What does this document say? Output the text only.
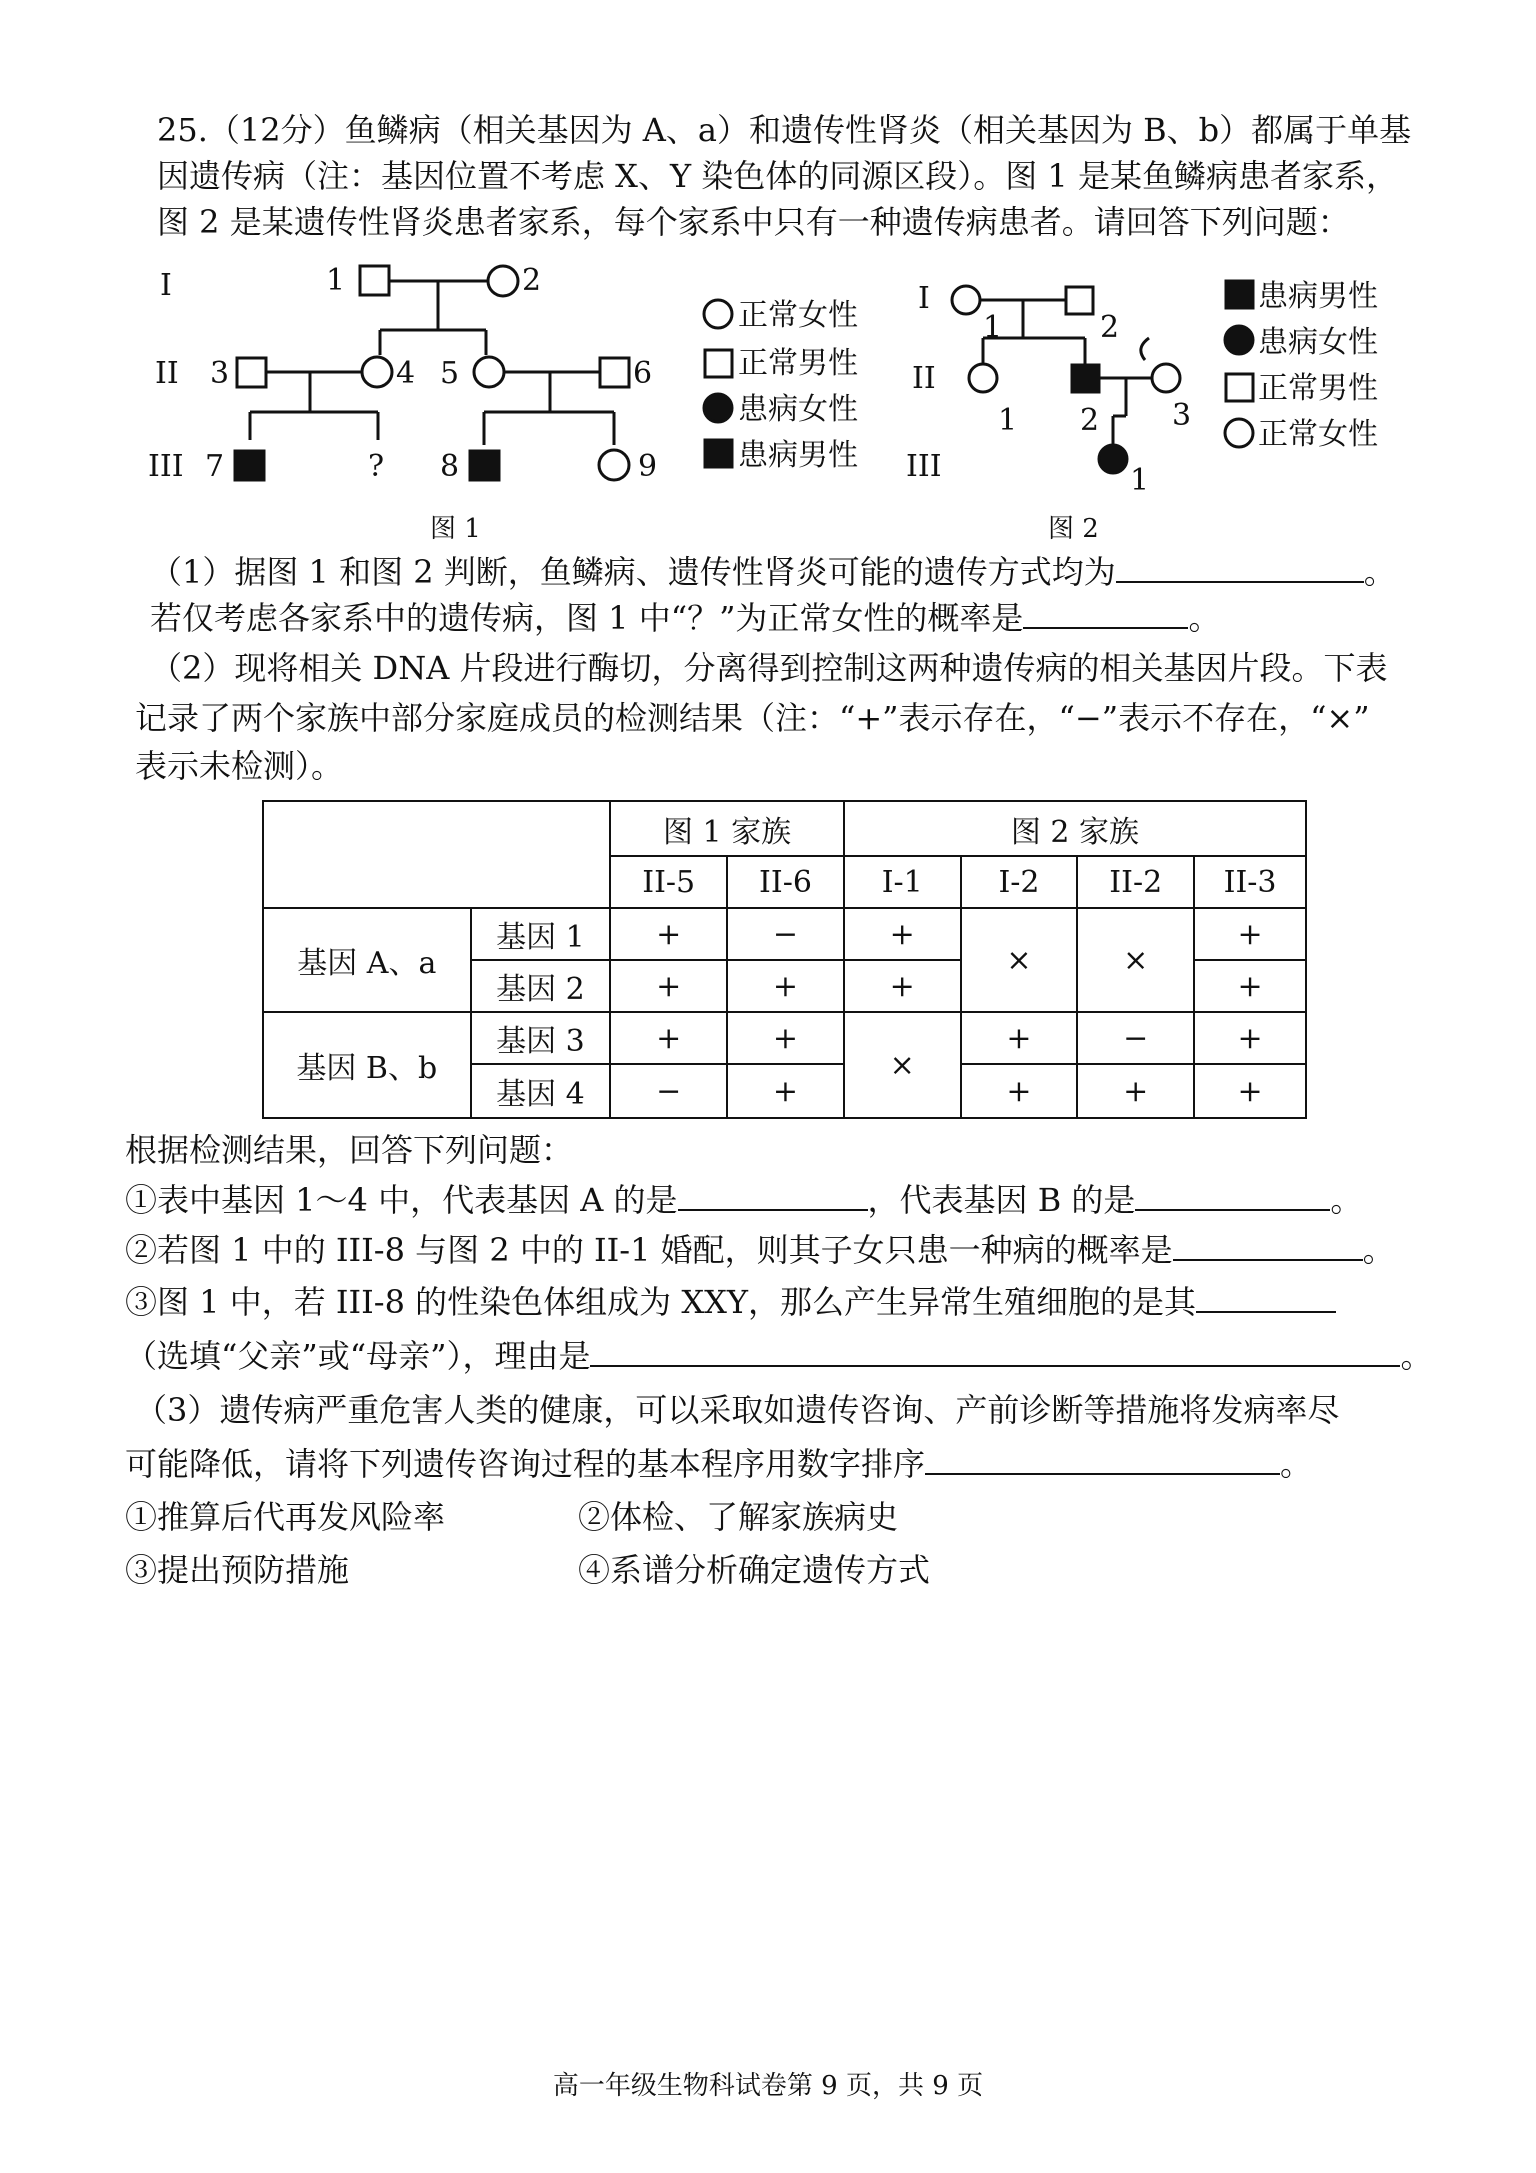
25.（12分）鱼鳞病（相关基因为 A、a）和遗传性肾炎（相关基因为 B、b）都属于单基
因遗传病（注：基因位置不考虑 X、Y 染色体的同源区段）。图 1 是某鱼鳞病患者家系，
图 2 是某遗传性肾炎患者家系，每个家系中只有一种遗传病患者。请回答下列问题：
I
II
III
1	2
3	4 5	6
7	? 8	9
图 1
正常女性
正常男性
患病女性
患病男性
I
II
III
1	2
1 2 3
1
图 2
患病男性
患病女性
正常男性
正常女性
（1）据图 1 和图 2 判断，鱼鳞病、遗传性肾炎可能的遗传方式均为	。
若仅考虑各家系中的遗传病，图 1 中“？”为正常女性的概率是	。
（2）现将相关 DNA 片段进行酶切，分离得到控制这两种遗传病的相关基因片段。下表
记录了两个家族中部分家庭成员的检测结果（注：“+”表示存在，“−”表示不存在，“×”
表示未检测）。
		图 1 家族		图 2 家族			
		II-5	II-6	I-1	I-2	II-2	II-3
基因 A、a	基因 1	+	−	+	×	×	+
	基因 2	+	+	+			+
基因 B、b	基因 3	+	+	×	+	−	+
	基因 4	−	+		+	+	+
根据检测结果，回答下列问题：
①表中基因 1～4 中，代表基因 A 的是	，代表基因 B 的是	。
②若图 1 中的 III-8 与图 2 中的 II-1 婚配，则其子女只患一种病的概率是	。
③图 1 中，若 III-8 的性染色体组成为 XXY，那么产生异常生殖细胞的是其
（选填“父亲”或“母亲”），理由是	。
（3）遗传病严重危害人类的健康，可以采取如遗传咨询、产前诊断等措施将发病率尽
可能降低，请将下列遗传咨询过程的基本程序用数字排序	。
①推算后代再发风险率	②体检、了解家族病史
③提出预防措施	④系谱分析确定遗传方式
高一年级生物科试卷第 9 页，共 9 页
